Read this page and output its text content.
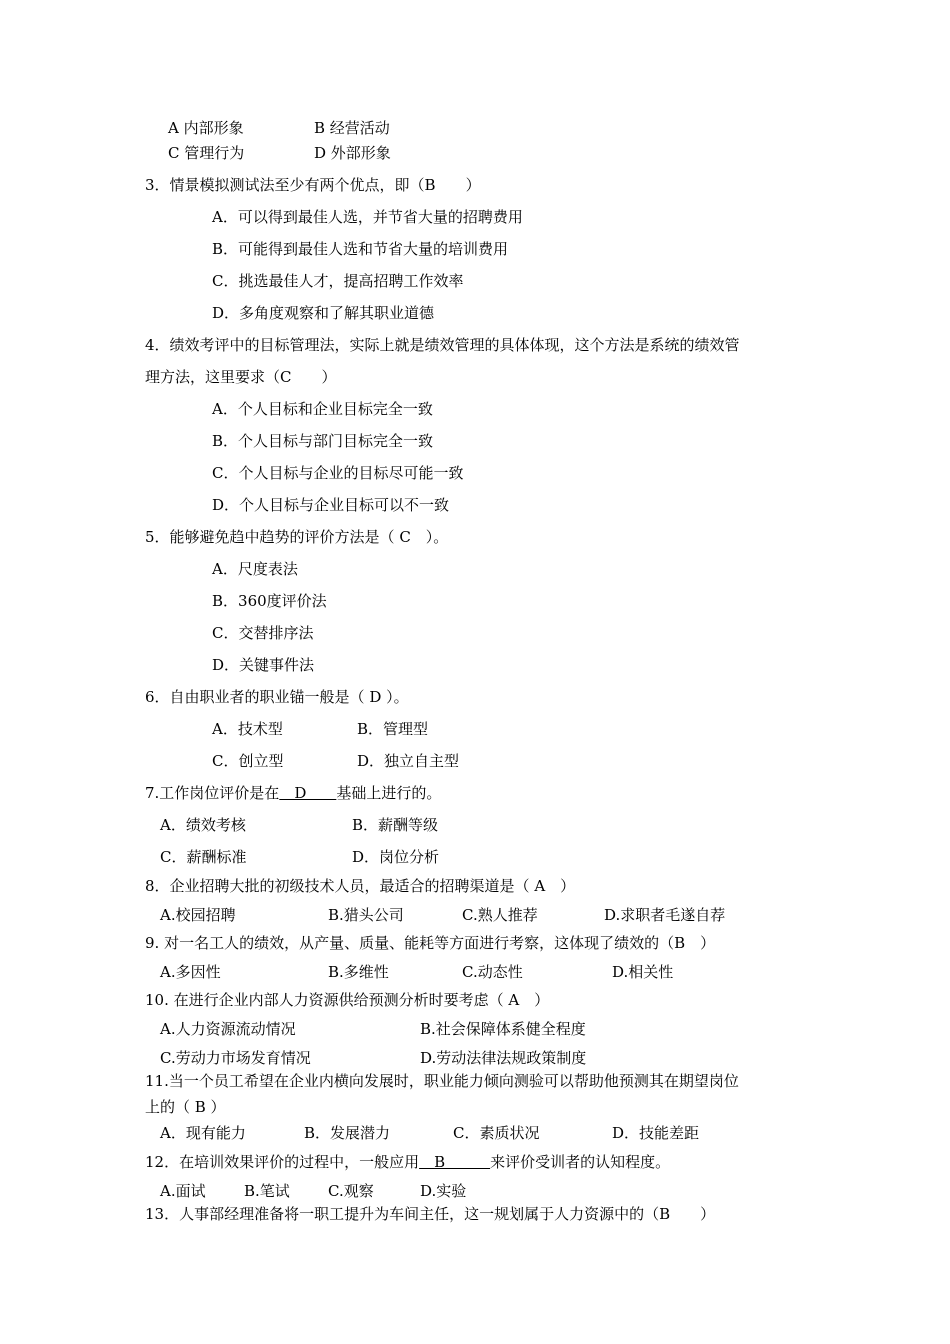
A 内部形象	B 经营活动
C 管理行为	D 外部形象
3．情景模拟测试法至少有两个优点，即（B　　）
A．可以得到最佳人选，并节省大量的招聘费用
B．可能得到最佳人选和节省大量的培训费用
C．挑选最佳人才，提高招聘工作效率
D．多角度观察和了解其职业道德
4．绩效考评中的目标管理法，实际上就是绩效管理的具体体现，这个方法是系统的绩效管
理方法，这里要求（C　　）
A．个人目标和企业目标完全一致
B．个人目标与部门目标完全一致
C．个人目标与企业的目标尽可能一致
D．个人目标与企业目标可以不一致
5．能够避免趋中趋势的评价方法是（ C　）。
A．尺度表法
B．360度评价法
C．交替排序法
D．关键事件法
6．自由职业者的职业锚一般是（ D ）。
A．技术型	B．管理型
C．创立型	D．独立自主型
7.工作岗位评价是在　D　　基础上进行的。
A．绩效考核	B．薪酬等级
C．薪酬标准	D．岗位分析
8．企业招聘大批的初级技术人员，最适合的招聘渠道是（ A　）
A.校园招聘	B.猎头公司	C.熟人推荐	D.求职者毛遂自荐
9. 对一名工人的绩效，从产量、质量、能耗等方面进行考察，这体现了绩效的（B　）
A.多因性	B.多维性	C.动态性	D.相关性
10. 在进行企业内部人力资源供给预测分析时要考虑（ A　）
A.人力资源流动情况	B.社会保障体系健全程度
C.劳动力市场发育情况	D.劳动法律法规政策制度
11.当一个员工希望在企业内横向发展时，职业能力倾向测验可以帮助他预测其在期望岗位
上的（ B ）
A．现有能力	B．发展潜力	C．素质状况	D．技能差距
12．在培训效果评价的过程中，一般应用　B　　　来评价受训者的认知程度。
A.面试	B.笔试	C.观察	D.实验
13．人事部经理准备将一职工提升为车间主任，这一规划属于人力资源中的（B　　）
